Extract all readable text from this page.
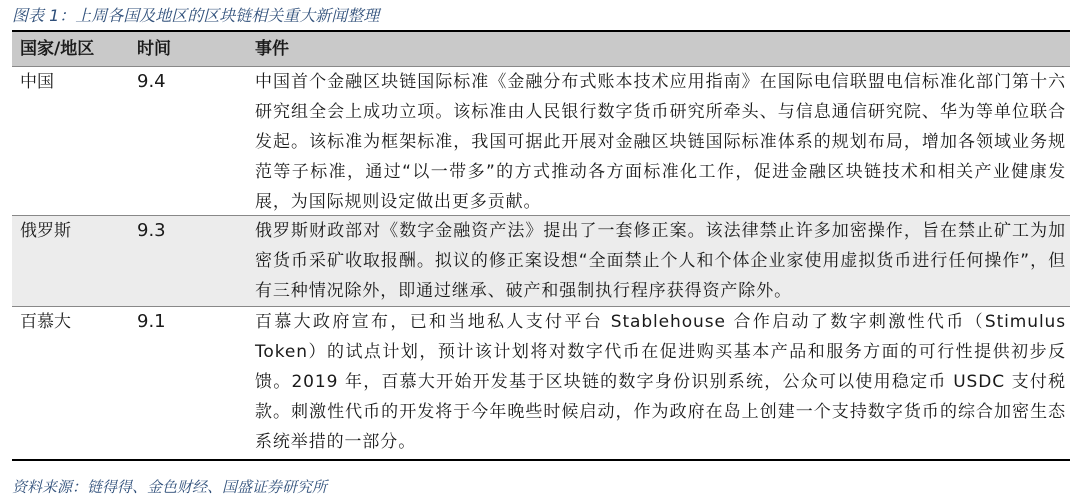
图表 1：上周各国及地区的区块链相关重大新闻整理
国家/地区	时间	事件
中国	9.4	中国首个金融区块链国际标准《金融分布式账本技术应用指南》在国际电信联盟电信标准化部门第十六研究组全会上成功立项。该标准由人民银行数字货币研究所牵头、与信息通信研究院、华为等单位联合发起。该标准为框架标准，我国可据此开展对金融区块链国际标准体系的规划布局，增加各领域业务规范等子标准，通过“以一带多”的方式推动各方面标准化工作，促进金融区块链技术和相关产业健康发展，为国际规则设定做出更多贡献。
俄罗斯	9.3	俄罗斯财政部对《数字金融资产法》提出了一套修正案。该法律禁止许多加密操作，旨在禁止矿工为加密货币采矿收取报酬。拟议的修正案设想“全面禁止个人和个体企业家使用虚拟货币进行任何操作”，但有三种情况除外，即通过继承、破产和强制执行程序获得资产除外。
百慕大	9.1	百慕大政府宣布，已和当地私人支付平台 Stablehouse 合作启动了数字刺激性代币（Stimulus Token）的试点计划，预计该计划将对数字代币在促进购买基本产品和服务方面的可行性提供初步反馈。2019 年，百慕大开始开发基于区块链的数字身份识别系统，公众可以使用稳定币 USDC 支付税款。刺激性代币的开发将于今年晚些时候启动，作为政府在岛上创建一个支持数字货币的综合加密生态系统举措的一部分。
资料来源：链得得、金色财经、国盛证券研究所
